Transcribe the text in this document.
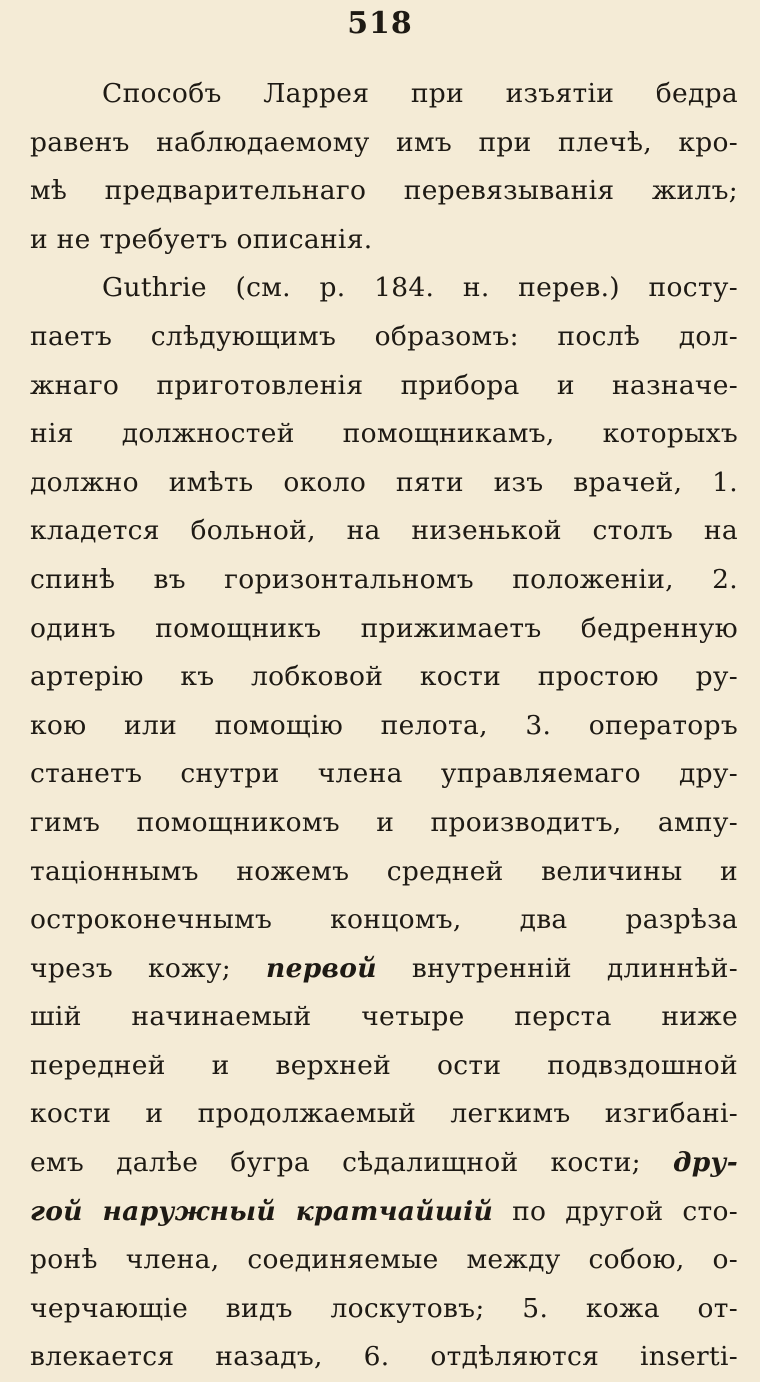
518
Способъ Ларрея при изъятіи бедра
равенъ наблюдаемому имъ при плечѣ, кро-
мѣ предварительнаго перевязыванія жилъ;
и не требуетъ описанія.
Guthrie (см. р. 184. н. перев.) посту-
паетъ слѣдующимъ образомъ: послѣ дол-
жнаго приготовленія прибора и назначе-
нія должностей помощникамъ, которыхъ
должно имѣть около пяти изъ врачей, 1.
кладется больной, на низенькой столъ на
спинѣ въ горизонтальномъ положеніи, 2.
одинъ помощникъ прижимаетъ бедренную
артерію къ лобковой кости простою ру-
кою или помощію пелота, 3. операторъ
станетъ снутри члена управляемаго дру-
гимъ помощникомъ и производитъ, ампу-
таціоннымъ ножемъ средней величины и
остроконечнымъ концомъ, два разрѣза
чрезъ кожу; первой внутренній длиннѣй-
шій начинаемый четыре перста ниже
передней и верхней ости подвздошной
кости и продолжаемый легкимъ изгибані-
емъ далѣе бугра сѣдалищной кости; дру-
гой наружный кратчайшій по другой сто-
ронѣ члена, соединяемые между собою, о-
черчающіе видъ лоскутовъ; 5. кожа от-
влекается назадъ, 6. отдѣляются inserti-
